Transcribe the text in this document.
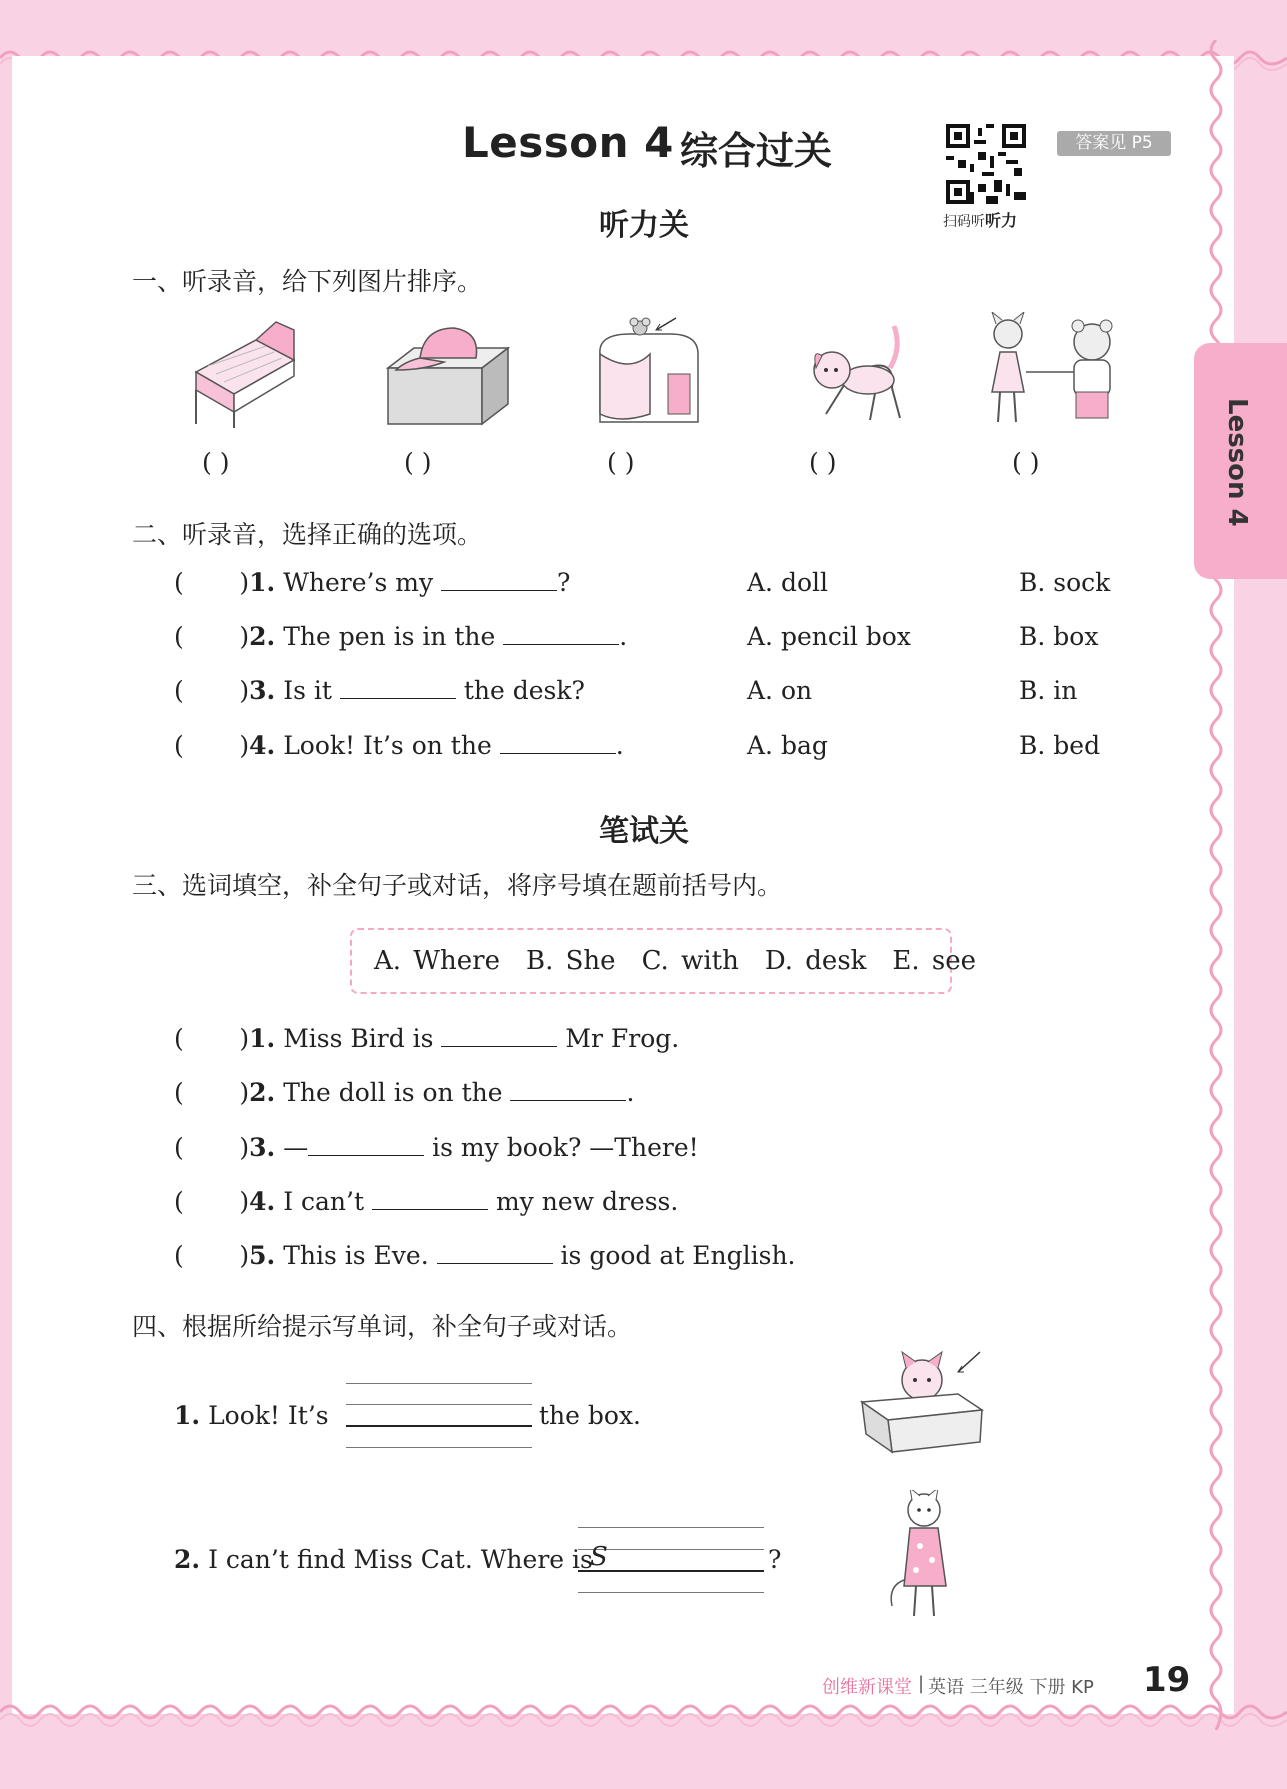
Lesson 4 综合过关
扫码听听力
答案见 P5
Lesson 4
听力关
一、听录音，给下列图片排序。
( )	( )	( )	( )	( )
二、听录音，选择正确的选项。
(       )1. Where’s my	?	A. doll	B. sock
(       )2. The pen is in the	.	A. pencil box	B. box
(       )3. Is it	the desk?	A. on	B. in
(       )4. Look! It’s on the	.	A. bag	B. bed
笔试关
三、选词填空，补全句子或对话，将序号填在题前括号内。
A. Where B. She C. with D. desk E. see
(       )1. Miss Bird is	Mr Frog.
(       )2. The doll is on the	.
(       )3. —	is my book? —There!
(       )4. I can’t	my new dress.
(       )5. This is Eve.	is good at English.
四、根据所给提示写单词，补全句子或对话。
1. Look! It’s	the box.
2. I can’t find Miss Cat. Where is
S	?
创维新课堂 | 英语 三年级 下册 KP 19
